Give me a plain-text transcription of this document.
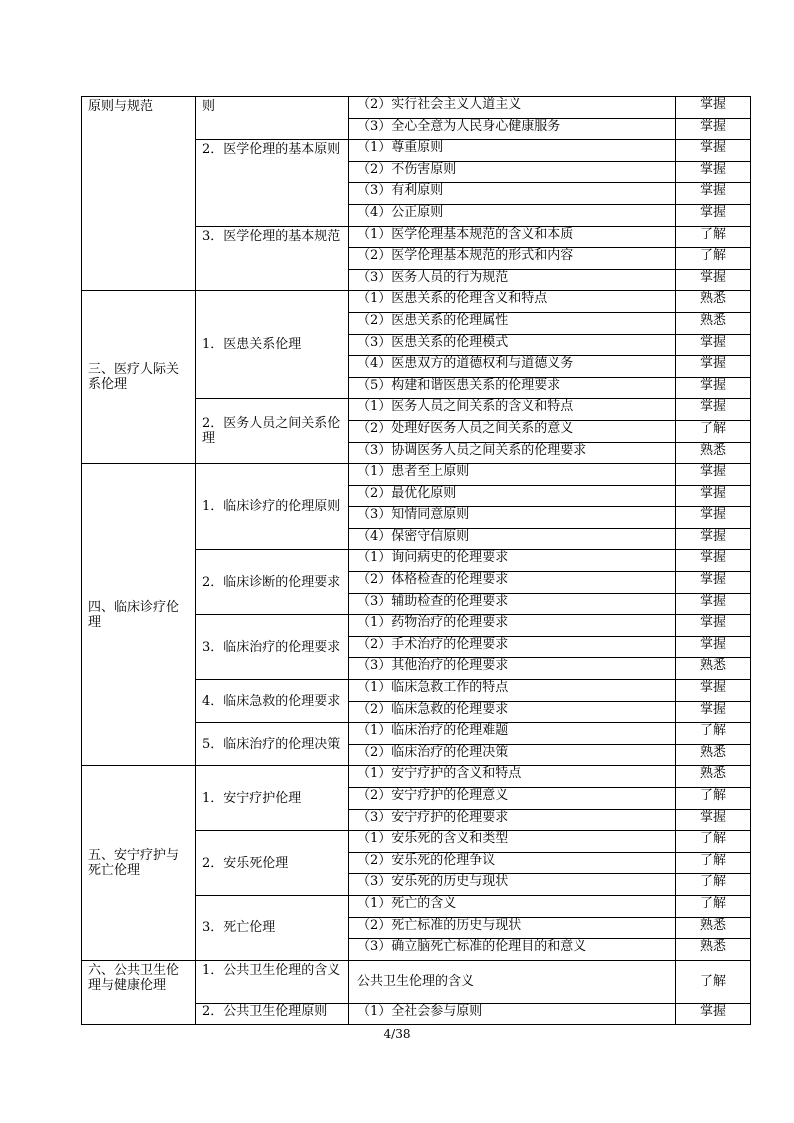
原则与规范	则	（2）实行社会主义人道主义	掌握
		（3）全心全意为人民身心健康服务	掌握
	2．医学伦理的基本原则	（1）尊重原则	掌握
		（2）不伤害原则	掌握
		（3）有利原则	掌握
		（4）公正原则	掌握
	3．医学伦理的基本规范	（1）医学伦理基本规范的含义和本质	了解
		（2）医学伦理基本规范的形式和内容	了解
		（3）医务人员的行为规范	掌握
三、医疗人际关系伦理	1．医患关系伦理	（1）医患关系的伦理含义和特点	熟悉
		（2）医患关系的伦理属性	熟悉
		（3）医患关系的伦理模式	掌握
		（4）医患双方的道德权利与道德义务	掌握
		（5）构建和谐医患关系的伦理要求	掌握
	2．医务人员之间关系伦理	（1）医务人员之间关系的含义和特点	掌握
		（2）处理好医务人员之间关系的意义	了解
		（3）协调医务人员之间关系的伦理要求	熟悉
四、临床诊疗伦理	1．临床诊疗的伦理原则	（1）患者至上原则	掌握
		（2）最优化原则	掌握
		（3）知情同意原则	掌握
		（4）保密守信原则	掌握
	2．临床诊断的伦理要求	（1）询问病史的伦理要求	掌握
		（2）体格检查的伦理要求	掌握
		（3）辅助检查的伦理要求	掌握
	3．临床治疗的伦理要求	（1）药物治疗的伦理要求	掌握
		（2）手术治疗的伦理要求	掌握
		（3）其他治疗的伦理要求	熟悉
	4．临床急救的伦理要求	（1）临床急救工作的特点	掌握
		（2）临床急救的伦理要求	掌握
	5．临床治疗的伦理决策	（1）临床治疗的伦理难题	了解
		（2）临床治疗的伦理决策	熟悉
五、安宁疗护与死亡伦理	1．安宁疗护伦理	（1）安宁疗护的含义和特点	熟悉
		（2）安宁疗护的伦理意义	了解
		（3）安宁疗护的伦理要求	掌握
	2．安乐死伦理	（1）安乐死的含义和类型	了解
		（2）安乐死的伦理争议	了解
		（3）安乐死的历史与现状	了解
	3．死亡伦理	（1）死亡的含义	了解
		（2）死亡标准的历史与现状	熟悉
		（3）确立脑死亡标准的伦理目的和意义	熟悉
六、公共卫生伦理与健康伦理	1．公共卫生伦理的含义	公共卫生伦理的含义	了解
	2．公共卫生伦理原则	（1）全社会参与原则	掌握
4/38
